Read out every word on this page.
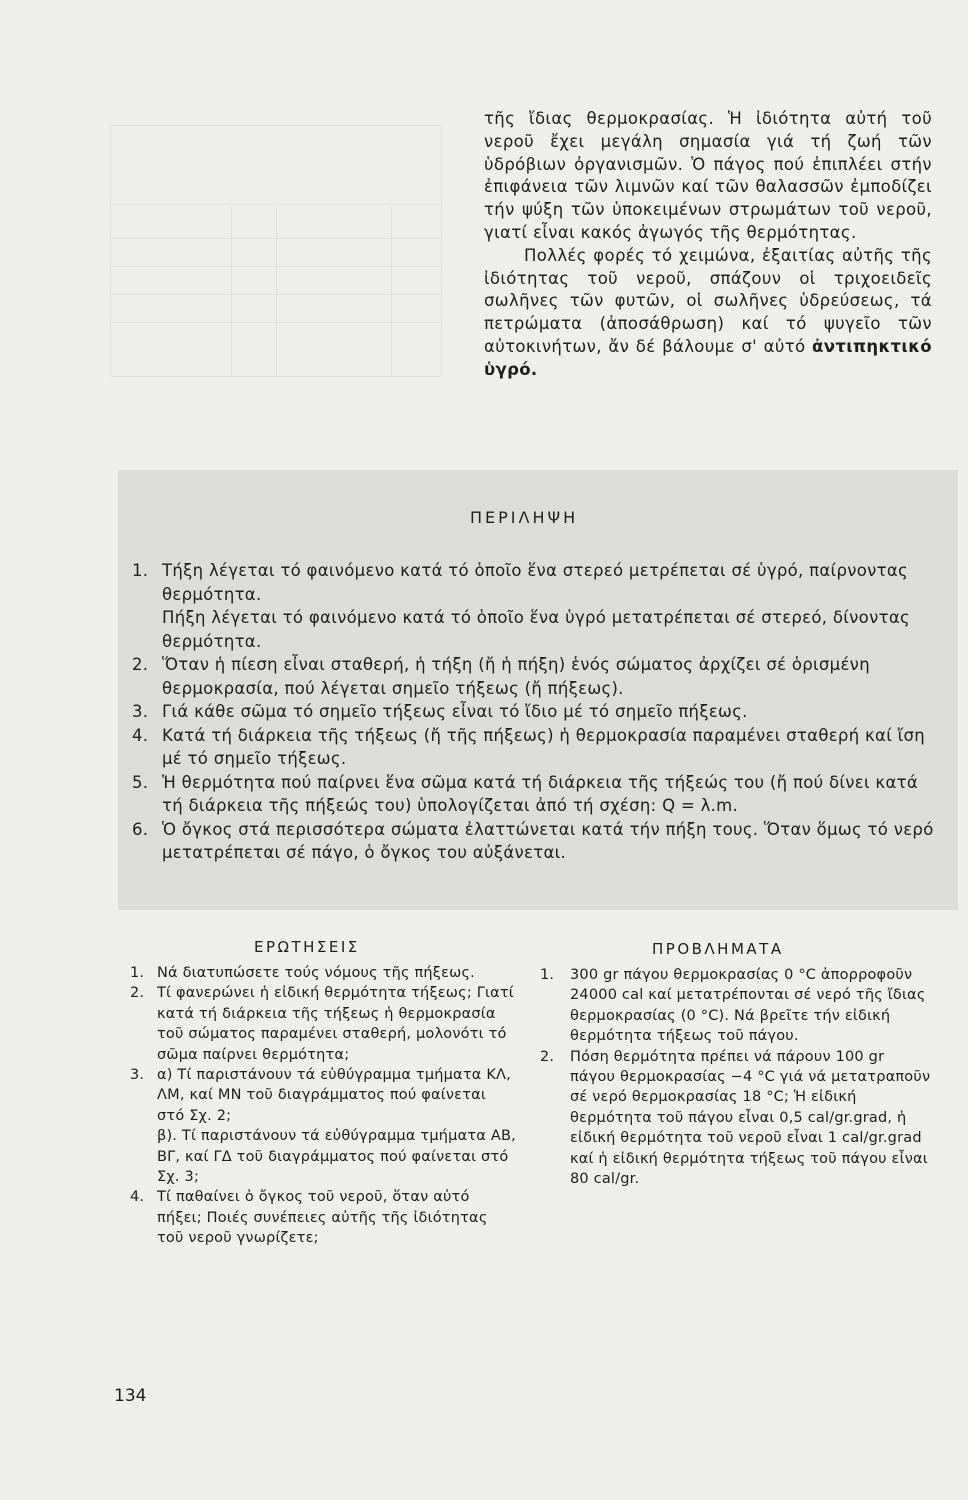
τῆς ἴδιας θερμοκρασίας. Ἡ ἰδιότητα αὐτή τοῦ νεροῦ ἔχει μεγάλη σημασία γιά τή ζωή τῶν ὑδρόβιων ὀργανισμῶν. Ὁ πάγος πού ἐπιπλέει στήν ἐπιφάνεια τῶν λιμνῶν καί τῶν θαλασσῶν ἐμποδίζει τήν ψύξη τῶν ὑποκειμένων στρωμάτων τοῦ νεροῦ, γιατί εἶναι κακός ἀγωγός τῆς θερμότητας.

Πολλές φορές τό χειμώνα, ἐξαιτίας αὐτῆς τῆς ἰδιότητας τοῦ νεροῦ, σπάζουν οἱ τριχοειδεῖς σωλῆνες τῶν φυτῶν, οἱ σωλῆνες ὑδρεύσεως, τά πετρώματα (ἀποσάθρωση) καί τό ψυγεῖο τῶν αὐτοκινήτων, ἄν δέ βάλουμε σ' αὐτό ἀντιπηκτικό ὑγρό.

ΠΕΡΙΛΗΨΗ
1. Τήξη λέγεται τό φαινόμενο κατά τό ὁποῖο ἕνα στερεό μετρέπεται σέ ὑγρό, παίρνοντας θερμότητα.
Πήξη λέγεται τό φαινόμενο κατά τό ὁποῖο ἕνα ὑγρό μετατρέπεται σέ στερεό, δίνοντας θερμότητα.
2. Ὅταν ἡ πίεση εἶναι σταθερή, ἡ τήξη (ἤ ἡ πήξη) ἑνός σώματος ἀρχίζει σέ ὁρισμένη θερμοκρασία, πού λέγεται σημεῖο τήξεως (ἤ πήξεως).
3. Γιά κάθε σῶμα τό σημεῖο τήξεως εἶναι τό ἴδιο μέ τό σημεῖο πήξεως.
4. Κατά τή διάρκεια τῆς τήξεως (ἤ τῆς πήξεως) ἡ θερμοκρασία παραμένει σταθερή καί ἴση μέ τό σημεῖο τήξεως.
5. Ἡ θερμότητα πού παίρνει ἕνα σῶμα κατά τή διάρκεια τῆς τήξεώς του (ἤ πού δίνει κατά τή διάρκεια τῆς πήξεώς του) ὑπολογίζεται ἀπό τή σχέση: Q = λ.m.
6. Ὁ ὄγκος στά περισσότερα σώματα ἐλαττώνεται κατά τήν πήξη τους. Ὅταν ὅμως τό νερό μετατρέπεται σέ πάγο, ὁ ὄγκος του αὐξάνεται.
ΕΡΩΤΗΣΕΙΣ
1. Νά διατυπώσετε τούς νόμους τῆς πήξεως.
2. Τί φανερώνει ἡ εἰδική θερμότητα τήξεως; Γιατί κατά τή διάρκεια τῆς τήξεως ἡ θερμοκρασία τοῦ σώματος παραμένει σταθερή, μολονότι τό σῶμα παίρνει θερμότητα;
3. α) Τί παριστάνουν τά εὐθύγραμμα τμήματα ΚΛ, ΛΜ, καί ΜΝ τοῦ διαγράμματος πού φαίνεται στό Σχ. 2;
β). Τί παριστάνουν τά εὐθύγραμμα τμήματα ΑΒ, ΒΓ, καί ΓΔ τοῦ διαγράμματος πού φαίνεται στό Σχ. 3;
4. Τί παθαίνει ὁ ὄγκος τοῦ νεροῦ, ὅταν αὐτό πήξει; Ποιές συνέπειες αὐτῆς τῆς ἰδιότητας τοῦ νεροῦ γνωρίζετε;
ΠΡΟΒΛΗΜΑΤΑ
1. 300 gr πάγου θερμοκρασίας 0 °C ἀπορροφοῦν 24000 cal καί μετατρέπονται σέ νερό τῆς ἴδιας θερμοκρασίας (0 °C). Νά βρεῖτε τήν εἰδική θερμότητα τήξεως τοῦ πάγου.
2. Πόση θερμότητα πρέπει νά πάρουν 100 gr πάγου θερμοκρασίας −4 °C γιά νά μετατραποῦν σέ νερό θερμοκρασίας 18 °C; Ἡ εἰδική θερμότητα τοῦ πάγου εἶναι 0,5 cal/gr.grad, ἡ εἰδική θερμότητα τοῦ νεροῦ εἶναι 1 cal/gr.grad καί ἡ εἰδική θερμότητα τήξεως τοῦ πάγου εἶναι 80 cal/gr.
134
